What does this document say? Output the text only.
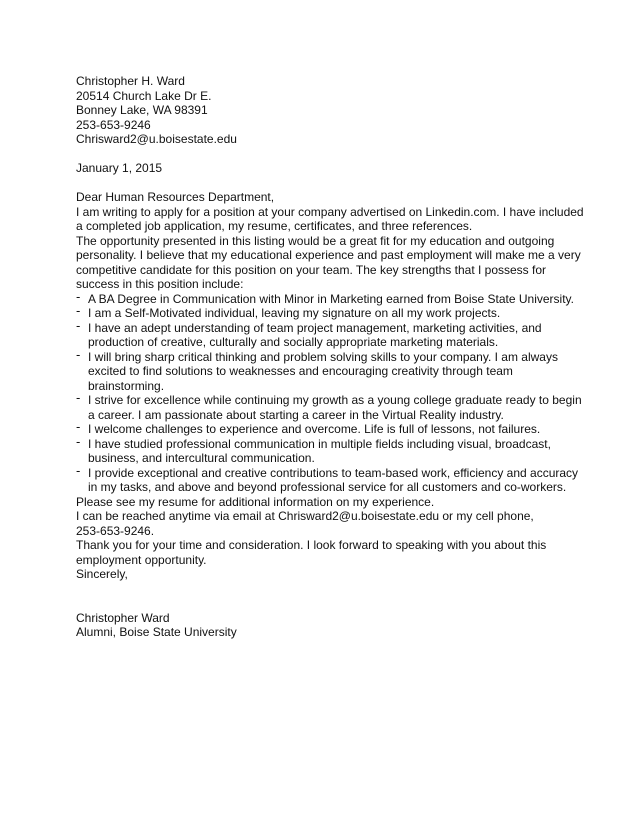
Christopher H. Ward
20514 Church Lake Dr E.
Bonney Lake, WA 98391
253-653-9246
Chrisward2@u.boisestate.edu
January 1, 2015
Dear Human Resources Department,

I am writing to apply for a position at your company advertised on Linkedin.com. I have included
a completed job application, my resume, certificates, and three references.

The opportunity presented in this listing would be a great fit for my education and outgoing
personality. I believe that my educational experience and past employment will make me a very
competitive candidate for this position on your team. The key strengths that I possess for
success in this position include:

- A BA Degree in Communication with Minor in Marketing earned from Boise State University.
- I am a Self-Motivated individual, leaving my signature on all my work projects.
- I have an adept understanding of team project management, marketing activities, and
production of creative, culturally and socially appropriate marketing materials.
- I will bring sharp critical thinking and problem solving skills to your company. I am always
excited to find solutions to weaknesses and encouraging creativity through team
brainstorming.
- I strive for excellence while continuing my growth as a young college graduate ready to begin
a career. I am passionate about starting a career in the Virtual Reality industry.
- I welcome challenges to experience and overcome. Life is full of lessons, not failures.
- I have studied professional communication in multiple fields including visual, broadcast,
business, and intercultural communication.
- I provide exceptional and creative contributions to team-based work, efficiency and accuracy
in my tasks, and above and beyond professional service for all customers and co-workers.

Please see my resume for additional information on my experience.

I can be reached anytime via email at Chrisward2@u.boisestate.edu or my cell phone,
253-653-9246.

Thank you for your time and consideration. I look forward to speaking with you about this
employment opportunity.

Sincerely,

Christopher Ward
Alumni, Boise State University
